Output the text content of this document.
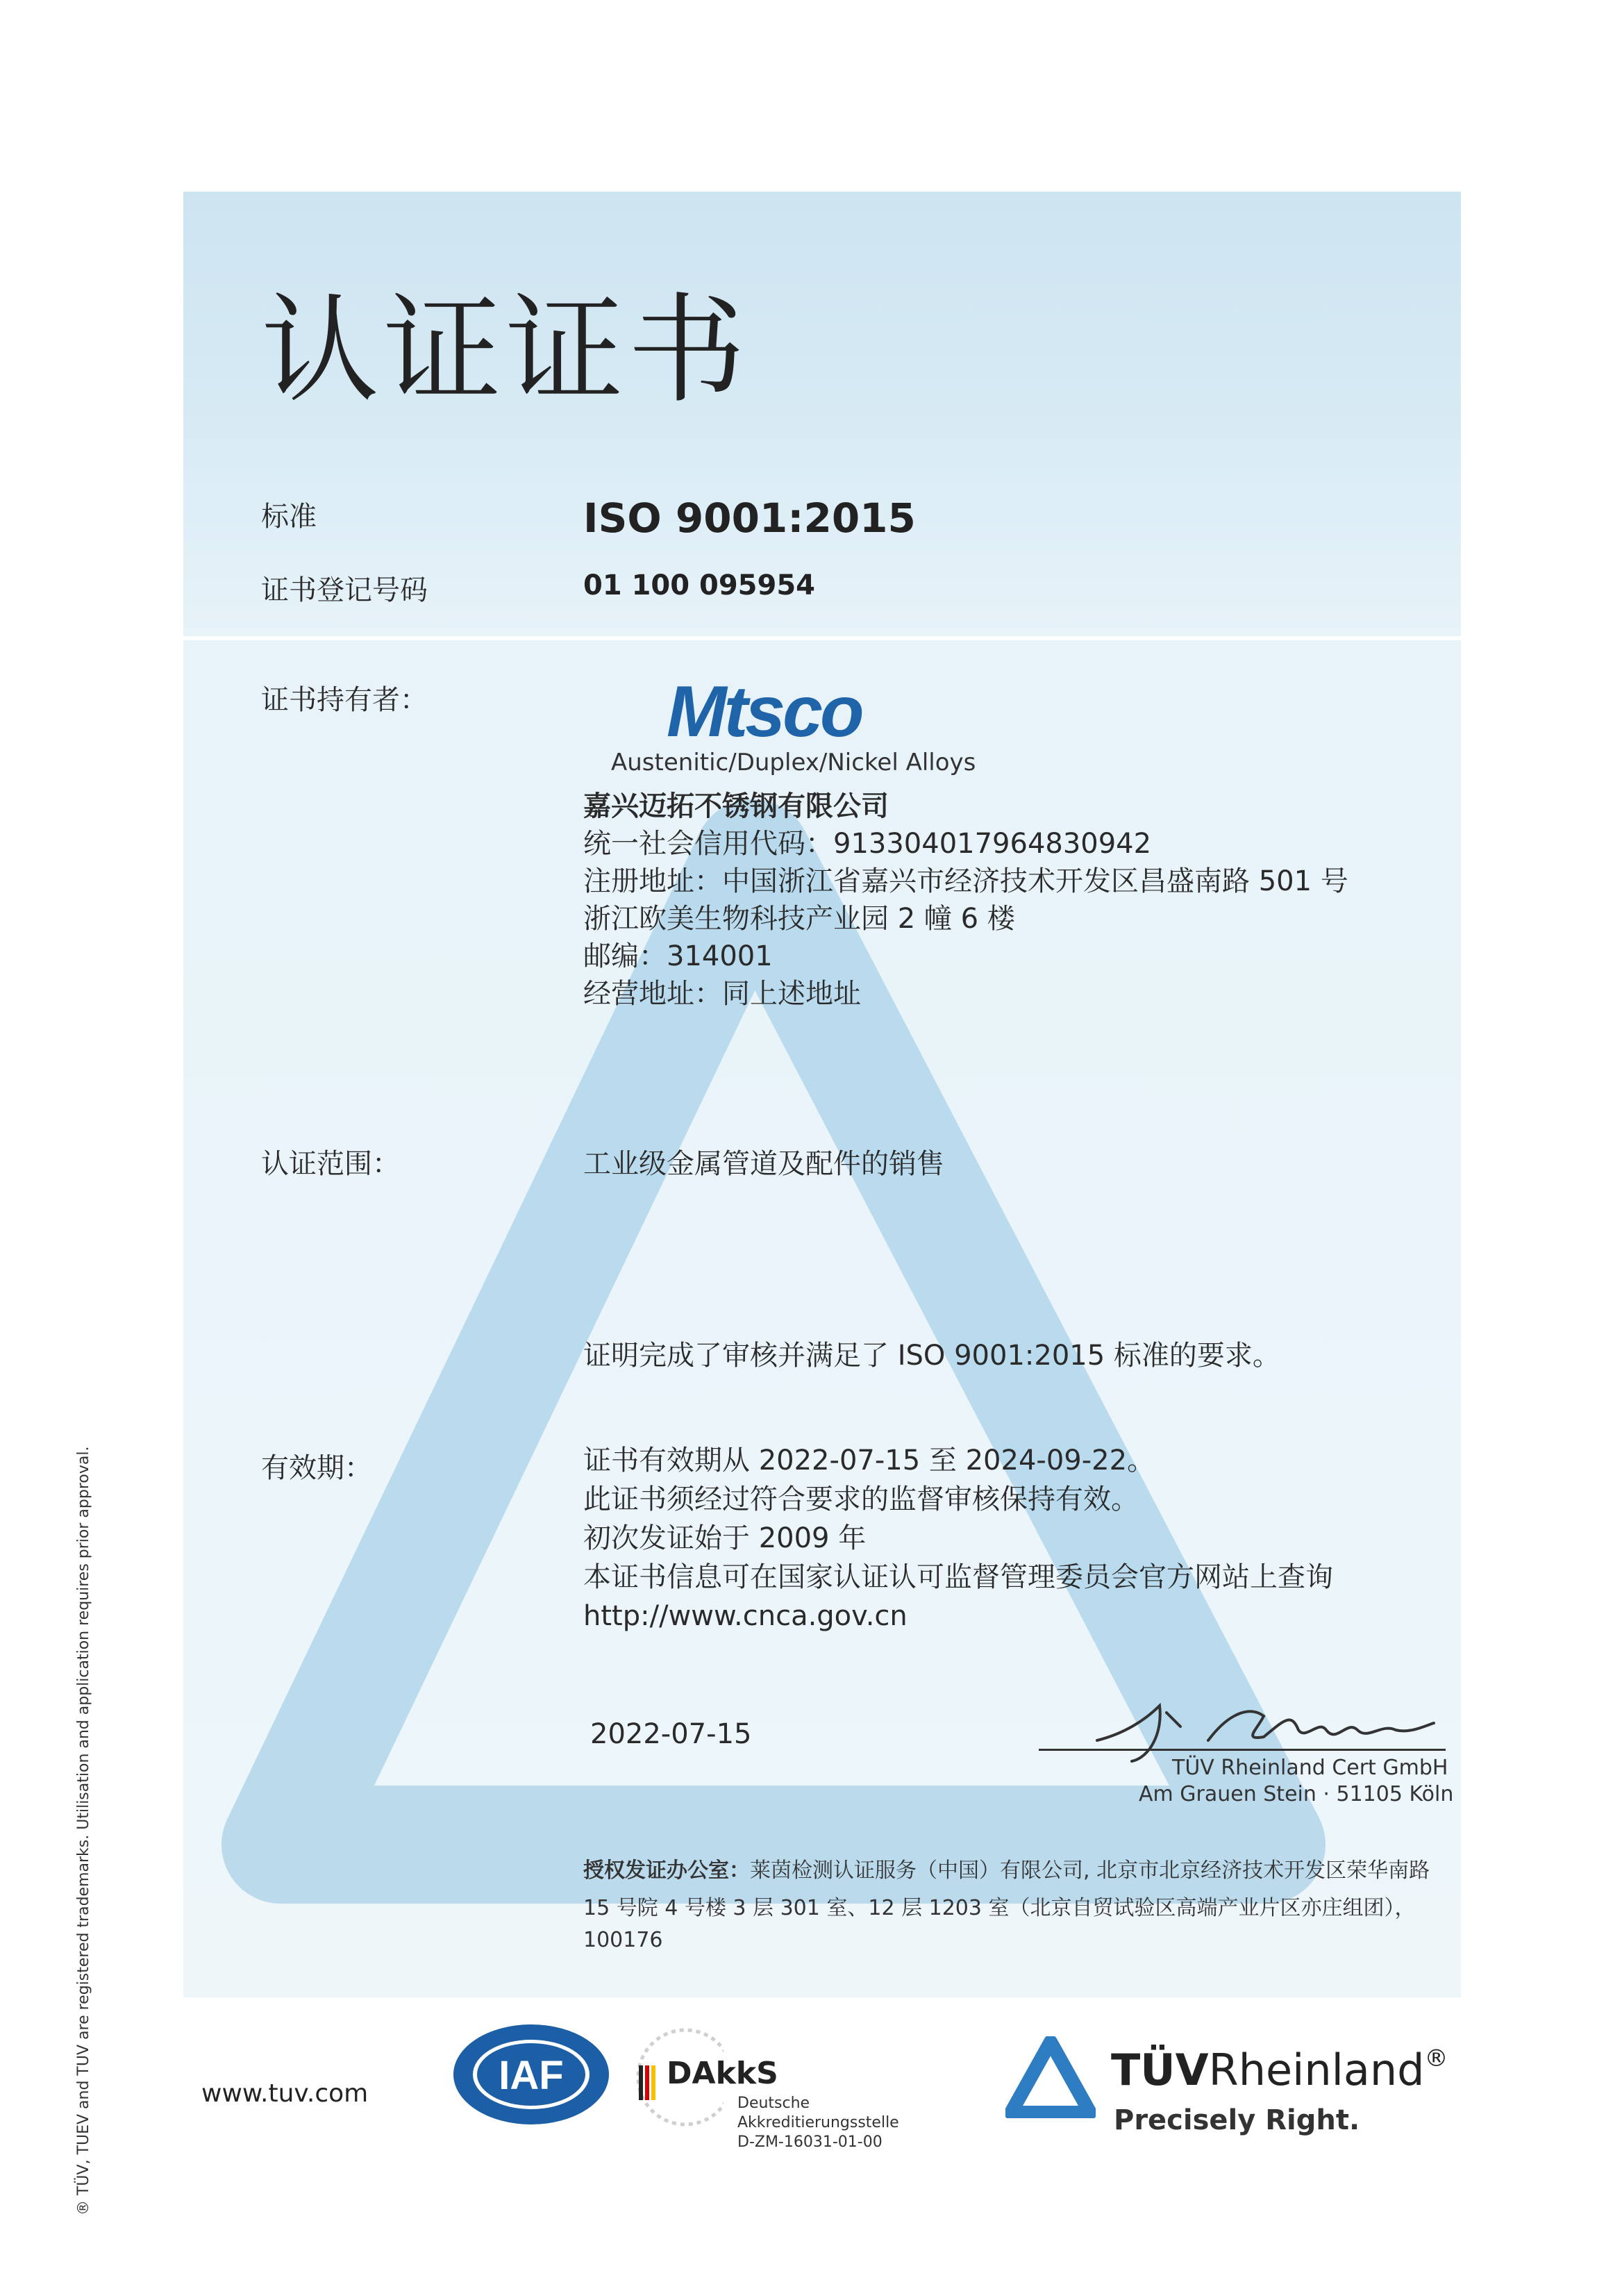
认证证书
标准	ISO 9001:2015
证书登记号码	01 100 095954
证书持有者：	Mtsco
Austenitic/Duplex/Nickel Alloys
嘉兴迈拓不锈钢有限公司
统一社会信用代码：913304017964830942
注册地址：中国浙江省嘉兴市经济技术开发区昌盛南路 501 号
浙江欧美生物科技产业园 2 幢 6 楼
邮编：314001
经营地址：同上述地址
认证范围：	工业级金属管道及配件的销售
证明完成了审核并满足了 ISO 9001:2015 标准的要求。
有效期：	证书有效期从 2022-07-15 至 2024-09-22。
此证书须经过符合要求的监督审核保持有效。
初次发证始于 2009 年
本证书信息可在国家认证认可监督管理委员会官方网站上查询
http://www.cnca.gov.cn
2022-07-15
TÜV Rheinland Cert GmbH
Am Grauen Stein · 51105 Köln
授权发证办公室：莱茵检测认证服务（中国）有限公司, 北京市北京经济技术开发区荣华南路
15 号院 4 号楼 3 层 301 室、12 层 1203 室（北京自贸试验区高端产业片区亦庄组团），
100176
www.tuv.com	IAF	DAkkS
Deutsche
Akkreditierungsstelle
D-ZM-16031-01-00
TÜVRheinland®
Precisely Right.
® TÜV, TUEV and TUV are registered trademarks. Utilisation and application requires prior approval.
